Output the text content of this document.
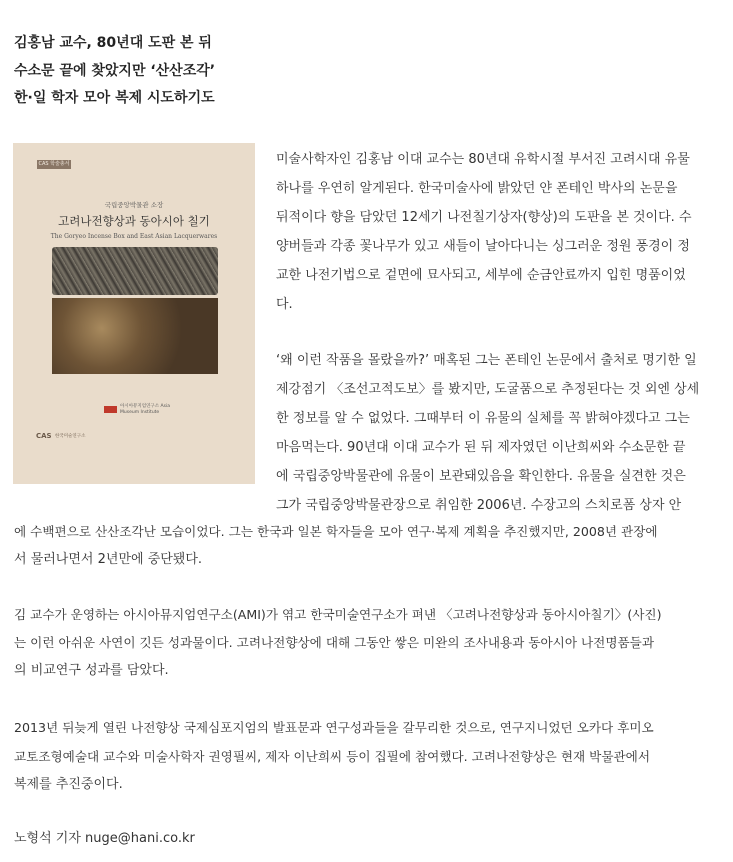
김홍남 교수, 80년대 도판 본 뒤
수소문 끝에 찾았지만 ‘산산조각’
한·일 학자 모아 복제 시도하기도
CAS 학술총서
국립중앙박물관 소장
고려나전향상과 동아시아 칠기
The Goryeo Incense Box and East Asian Lacquerwares
아시아뮤지엄연구소 Asia Museum Institute
CAS 한국미술연구소
미술사학자인 김홍남 이대 교수는 80년대 유학시절 부서진 고려시대 유물
하나를 우연히 알게된다. 한국미술사에 밝았던 얀 폰테인 박사의 논문을
뒤적이다 향을 담았던 12세기 나전칠기상자(향상)의 도판을 본 것이다. 수
양버들과 각종 꽃나무가 있고 새들이 날아다니는 싱그러운 정원 풍경이 정
교한 나전기법으로 겉면에 묘사되고, 세부에 순금안료까지 입힌 명품이었
다.
‘왜 이런 작품을 몰랐을까?’ 매혹된 그는 폰테인 논문에서 출처로 명기한 일
제강점기 〈조선고적도보〉를 봤지만, 도굴품으로 추정된다는 것 외엔 상세
한 정보를 알 수 없었다. 그때부터 이 유물의 실체를 꼭 밝혀야겠다고 그는
마음먹는다. 90년대 이대 교수가 된 뒤 제자였던 이난희씨와 수소문한 끝
에 국립중앙박물관에 유물이 보관돼있음을 확인한다. 유물을 실견한 것은
그가 국립중앙박물관장으로 취임한 2006년. 수장고의 스치로폼 상자 안
에 수백편으로 산산조각난 모습이었다. 그는 한국과 일본 학자들을 모아 연구·복제 계획을 추진했지만, 2008년 관장에
서 물러나면서 2년만에 중단됐다.
김 교수가 운영하는 아시아뮤지엄연구소(AMI)가 엮고 한국미술연구소가 펴낸 〈고려나전향상과 동아시아칠기〉(사진)
는 이런 아쉬운 사연이 깃든 성과물이다. 고려나전향상에 대해 그동안 쌓은 미완의 조사내용과 동아시아 나전명품들과
의 비교연구 성과를 담았다.
2013년 뒤늦게 열린 나전향상 국제심포지엄의 발표문과 연구성과들을 갈무리한 것으로, 연구지니었던 오카다 후미오
교토조형예술대 교수와 미술사학자 권영필씨, 제자 이난희씨 등이 집필에 참여했다. 고려나전향상은 현재 박물관에서
복제를 추진중이다.
노형석 기자 nuge@hani.co.kr
